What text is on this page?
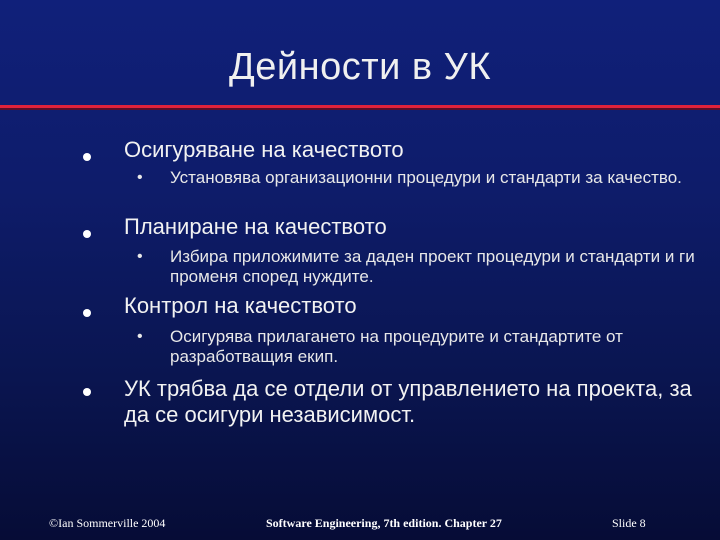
Дейности в УК
Осигуряване на качеството
• Установява организационни процедури и стандарти за качество.
Планиране на качеството
• Избира приложимите за даден проект процедури и стандарти и ги променя според нуждите.
Контрол на качеството
• Осигурява прилагането на процедурите и стандартите от разработващия екип.
УК трябва да се отдели от управлението на проекта, за да се осигури независимост.
©Ian Sommerville 2004	Software Engineering, 7th edition. Chapter 27	Slide 8
